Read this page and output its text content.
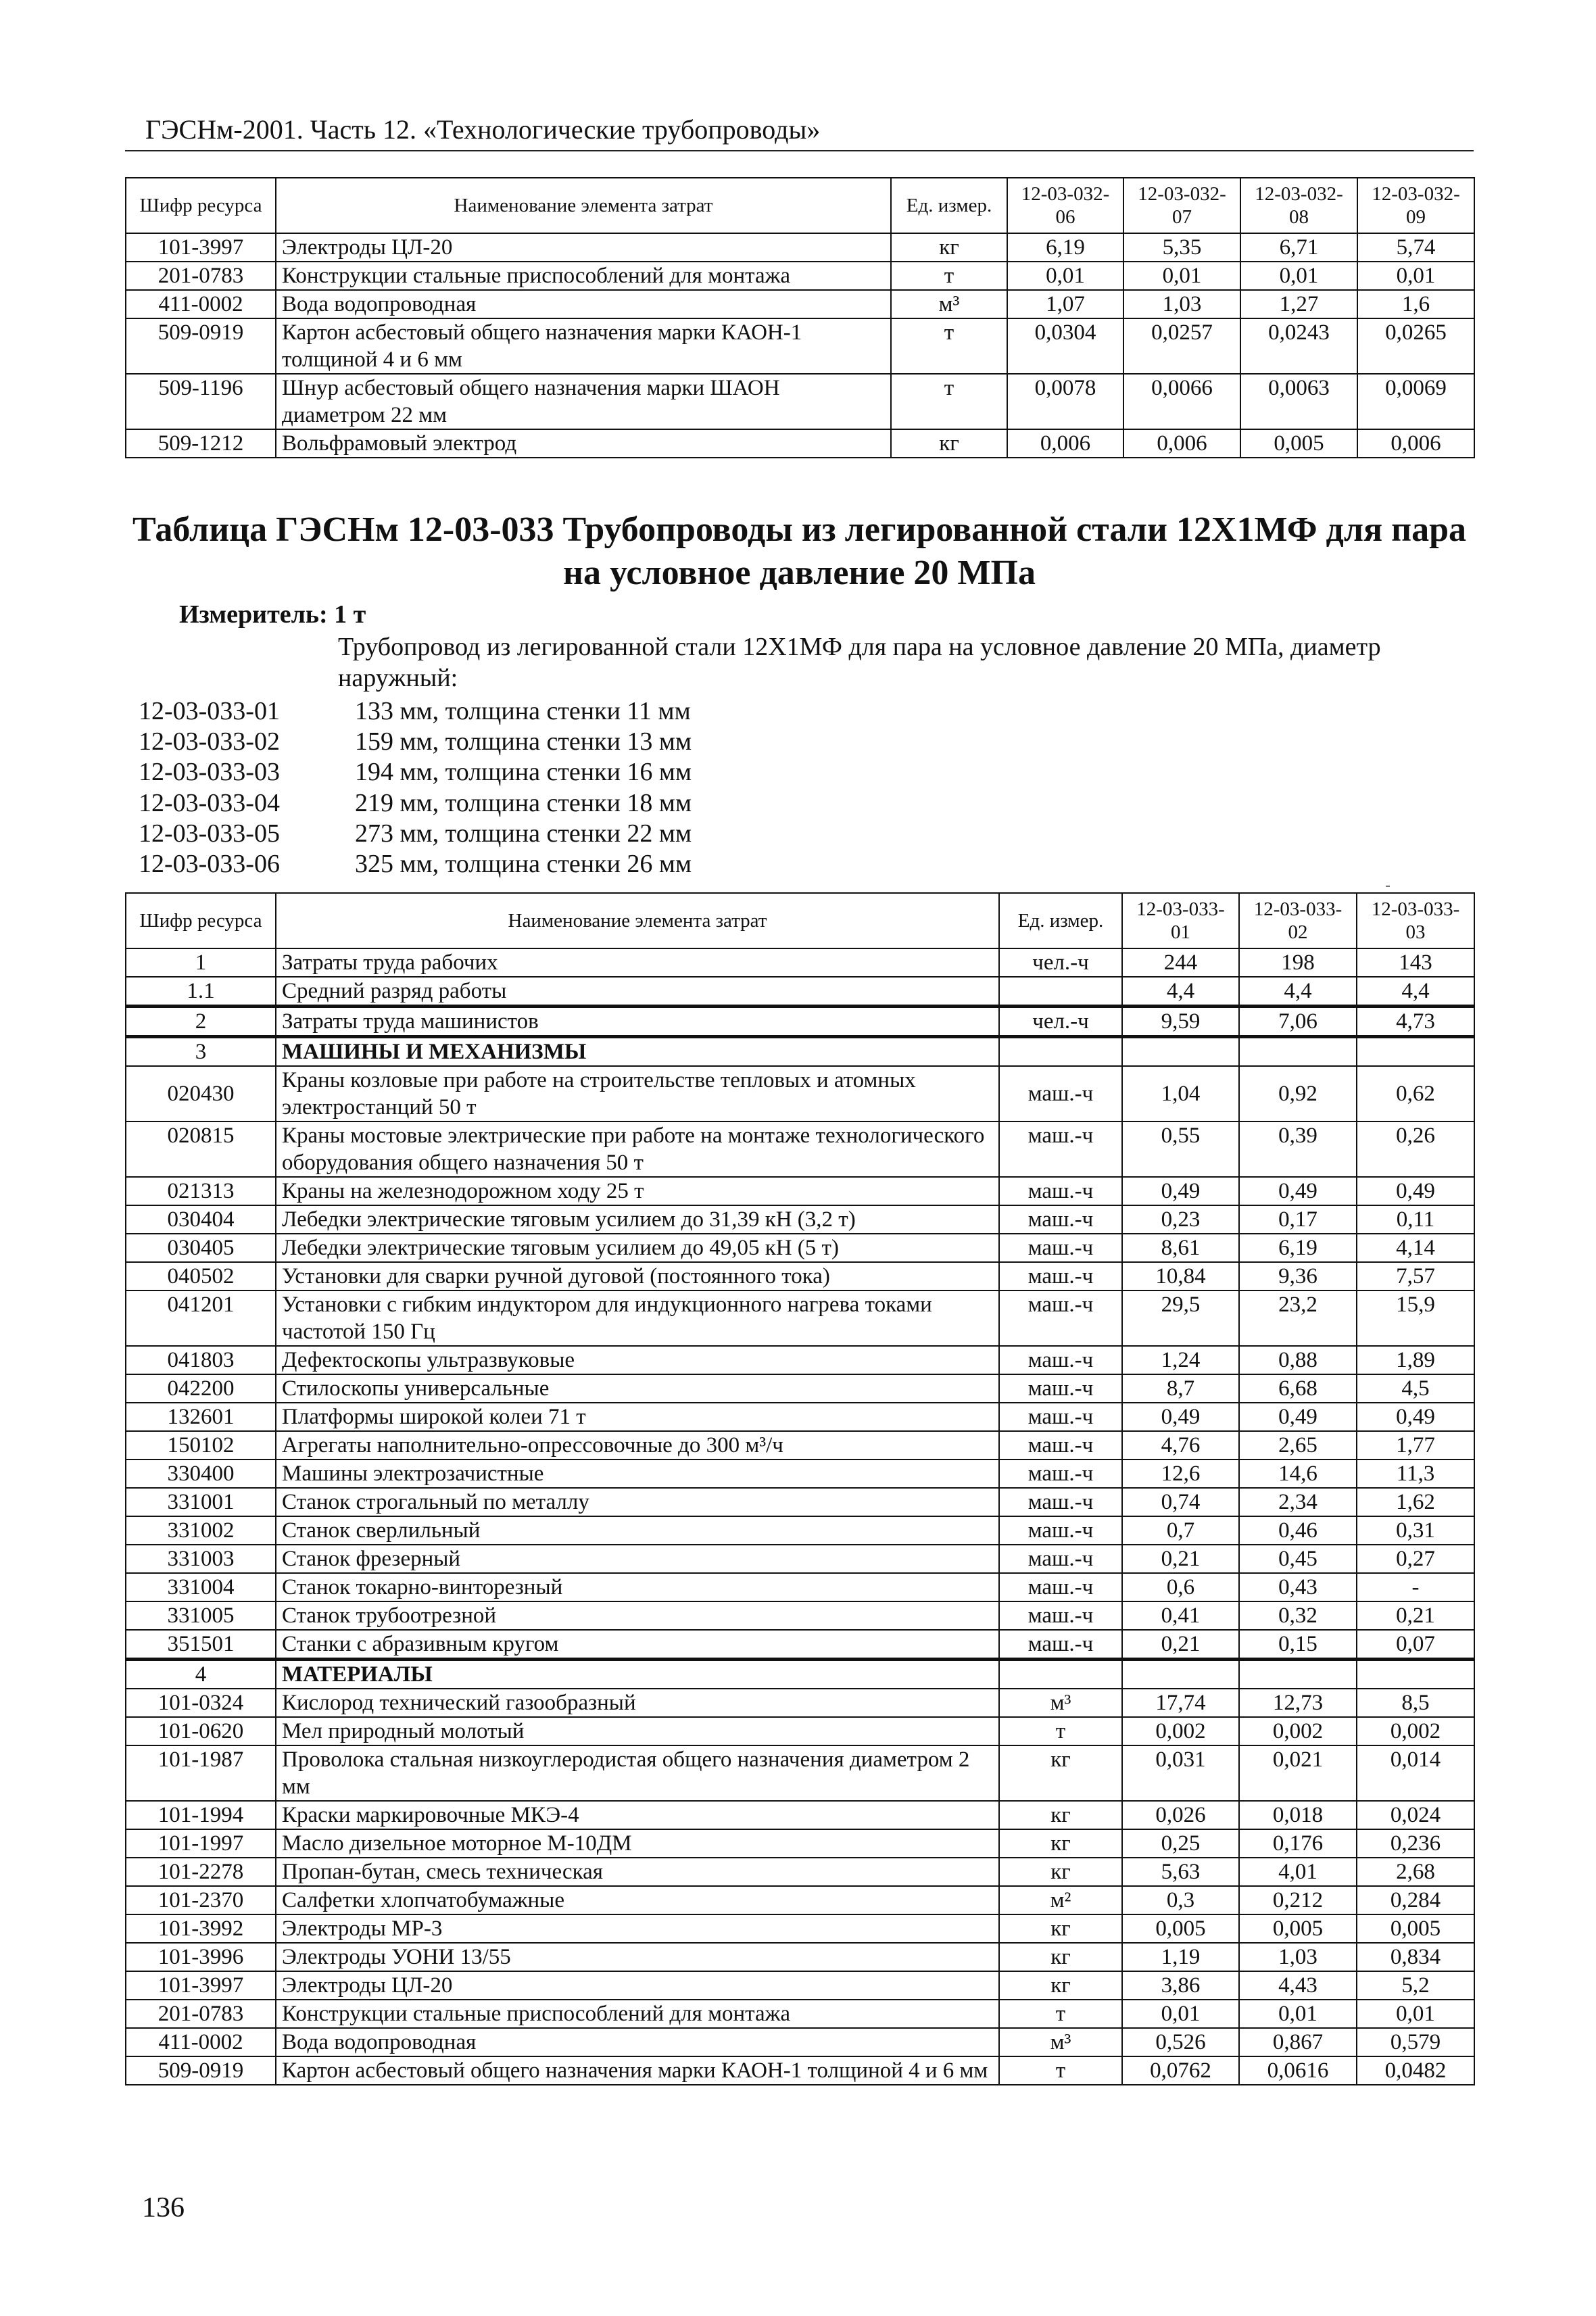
ГЭСНм-2001. Часть 12. «Технологические трубопроводы»
Шифр ресурса	Наименование элемента затрат	Ед. измер.	12-03-032-06	12-03-032-07	12-03-032-08	12-03-032-09
101-3997	Электроды ЦЛ-20	кг	6,19	5,35	6,71	5,74
201-0783	Конструкции стальные приспособлений для монтажа	т	0,01	0,01	0,01	0,01
411-0002	Вода водопроводная	м³	1,07	1,03	1,27	1,6
509-0919	Картон асбестовый общего назначения марки КАОН-1 толщиной 4 и 6 мм	т	0,0304	0,0257	0,0243	0,0265
509-1196	Шнур асбестовый общего назначения марки ШАОН диаметром 22 мм	т	0,0078	0,0066	0,0063	0,0069
509-1212	Вольфрамовый электрод	кг	0,006	0,006	0,005	0,006
Таблица ГЭСНм 12-03-033 Трубопроводы из легированной стали 12Х1МФ для пара на условное давление 20 МПа
Измеритель: 1 т
Трубопровод из легированной стали 12Х1МФ для пара на условное давление 20 МПа, диаметр наружный:
12-03-033-01	133 мм, толщина стенки 11 мм
12-03-033-02	159 мм, толщина стенки 13 мм
12-03-033-03	194 мм, толщина стенки 16 мм
12-03-033-04	219 мм, толщина стенки 18 мм
12-03-033-05	273 мм, толщина стенки 22 мм
12-03-033-06	325 мм, толщина стенки 26 мм
Шифр ресурса	Наименование элемента затрат	Ед. измер.	12-03-033-01	12-03-033-02	12-03-033-03
1	Затраты труда рабочих	чел.-ч	244	198	143
1.1	Средний разряд работы		4,4	4,4	4,4
2	Затраты труда машинистов	чел.-ч	9,59	7,06	4,73
3	МАШИНЫ И МЕХАНИЗМЫ				
020430	Краны козловые при работе на строительстве тепловых и атомных электростанций 50 т	маш.-ч	1,04	0,92	0,62
020815	Краны мостовые электрические при работе на монтаже технологического оборудования общего назначения 50 т	маш.-ч	0,55	0,39	0,26
021313	Краны на железнодорожном ходу 25 т	маш.-ч	0,49	0,49	0,49
030404	Лебедки электрические тяговым усилием до 31,39 кН (3,2 т)	маш.-ч	0,23	0,17	0,11
030405	Лебедки электрические тяговым усилием до 49,05 кН (5 т)	маш.-ч	8,61	6,19	4,14
040502	Установки для сварки ручной дуговой (постоянного тока)	маш.-ч	10,84	9,36	7,57
041201	Установки с гибким индуктором для индукционного нагрева токами частотой 150 Гц	маш.-ч	29,5	23,2	15,9
041803	Дефектоскопы ультразвуковые	маш.-ч	1,24	0,88	1,89
042200	Стилоскопы универсальные	маш.-ч	8,7	6,68	4,5
132601	Платформы широкой колеи 71 т	маш.-ч	0,49	0,49	0,49
150102	Агрегаты наполнительно-опрессовочные до 300 м³/ч	маш.-ч	4,76	2,65	1,77
330400	Машины электрозачистные	маш.-ч	12,6	14,6	11,3
331001	Станок строгальный по металлу	маш.-ч	0,74	2,34	1,62
331002	Станок сверлильный	маш.-ч	0,7	0,46	0,31
331003	Станок фрезерный	маш.-ч	0,21	0,45	0,27
331004	Станок токарно-винторезный	маш.-ч	0,6	0,43	-
331005	Станок трубоотрезной	маш.-ч	0,41	0,32	0,21
351501	Станки с абразивным кругом	маш.-ч	0,21	0,15	0,07
4	МАТЕРИАЛЫ				
101-0324	Кислород технический газообразный	м³	17,74	12,73	8,5
101-0620	Мел природный молотый	т	0,002	0,002	0,002
101-1987	Проволока стальная низкоуглеродистая общего назначения диаметром 2 мм	кг	0,031	0,021	0,014
101-1994	Краски маркировочные МКЭ-4	кг	0,026	0,018	0,024
101-1997	Масло дизельное моторное М-10ДМ	кг	0,25	0,176	0,236
101-2278	Пропан-бутан, смесь техническая	кг	5,63	4,01	2,68
101-2370	Салфетки хлопчатобумажные	м²	0,3	0,212	0,284
101-3992	Электроды МР-3	кг	0,005	0,005	0,005
101-3996	Электроды УОНИ 13/55	кг	1,19	1,03	0,834
101-3997	Электроды ЦЛ-20	кг	3,86	4,43	5,2
201-0783	Конструкции стальные приспособлений для монтажа	т	0,01	0,01	0,01
411-0002	Вода водопроводная	м³	0,526	0,867	0,579
509-0919	Картон асбестовый общего назначения марки КАОН-1 толщиной 4 и 6 мм	т	0,0762	0,0616	0,0482
136
